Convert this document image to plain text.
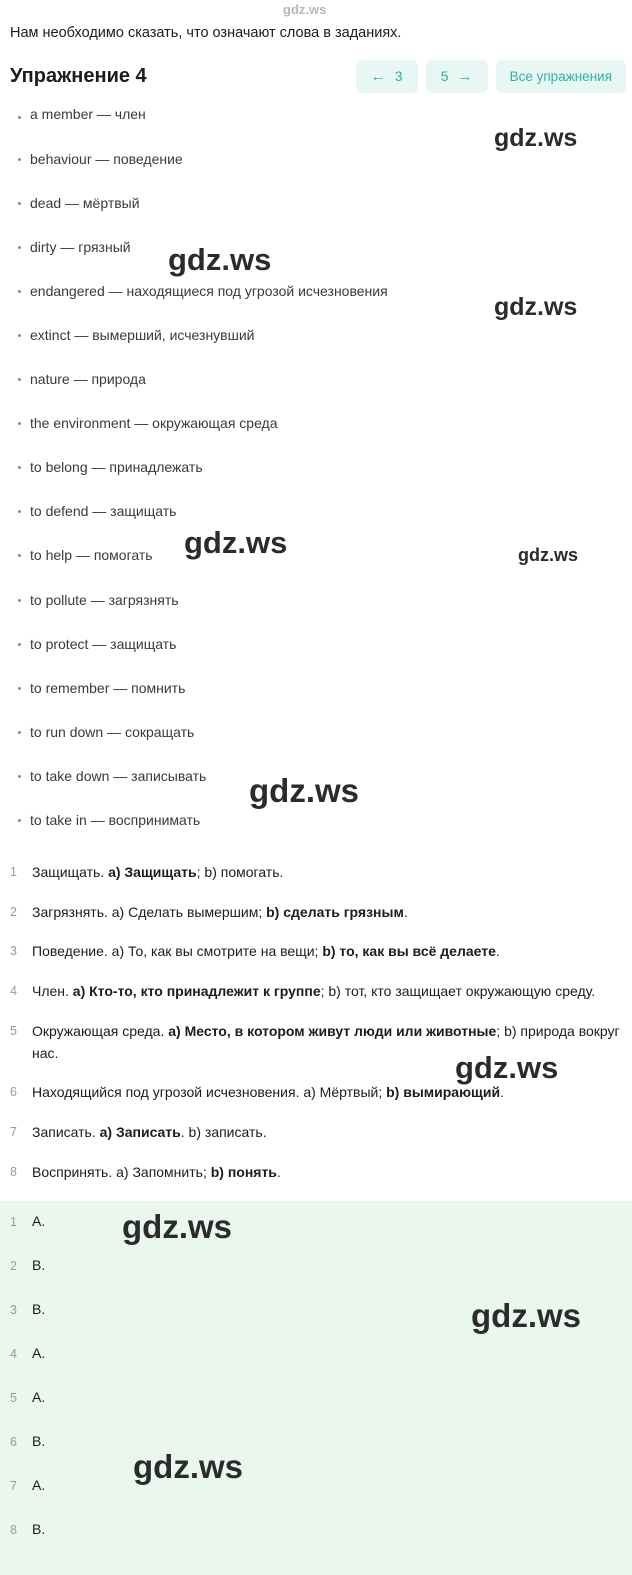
gdz.ws
gdz.ws
gdz.ws
gdz.ws
gdz.ws	gdz.ws
gdz.ws
gdz.ws
gdz.ws
gdz.ws
gdz.ws
Нам необходимо сказать, что означают слова в заданиях.
Упражнение 4	← 3	5 →	Все упражнения
a member — член
behaviour — поведение
dead — мёртвый
dirty — грязный
endangered — находящиеся под угрозой исчезновения
extinct — вымерший, исчезнувший
nature — природа
the environment — окружающая среда
to belong — принадлежать
to defend — защищать
to help — помогать
to pollute — загрязнять
to protect — защищать
to remember — помнить
to run down — сокращать
to take down — записывать
to take in — воспринимать
1	Защищать. a) Защищать; b) помогать.
2	Загрязнять. a) Сделать вымершим; b) сделать грязным.
3	Поведение. a) То, как вы смотрите на вещи; b) то, как вы всё делаете.
4	Член. a) Кто-то, кто принадлежит к группе; b) тот, кто защищает окружающую среду.
5	Окружающая среда. a) Место, в котором живут люди или животные; b) природа вокруг нас.
6	Находящийся под угрозой исчезновения. a) Мёртвый; b) вымирающий.
7	Записать. a) Записать. b) записать.
8	Воспринять. a) Запомнить; b) понять.
1	A.
2	B.
3	B.
4	A.
5	A.
6	B.
7	A.
8	B.
